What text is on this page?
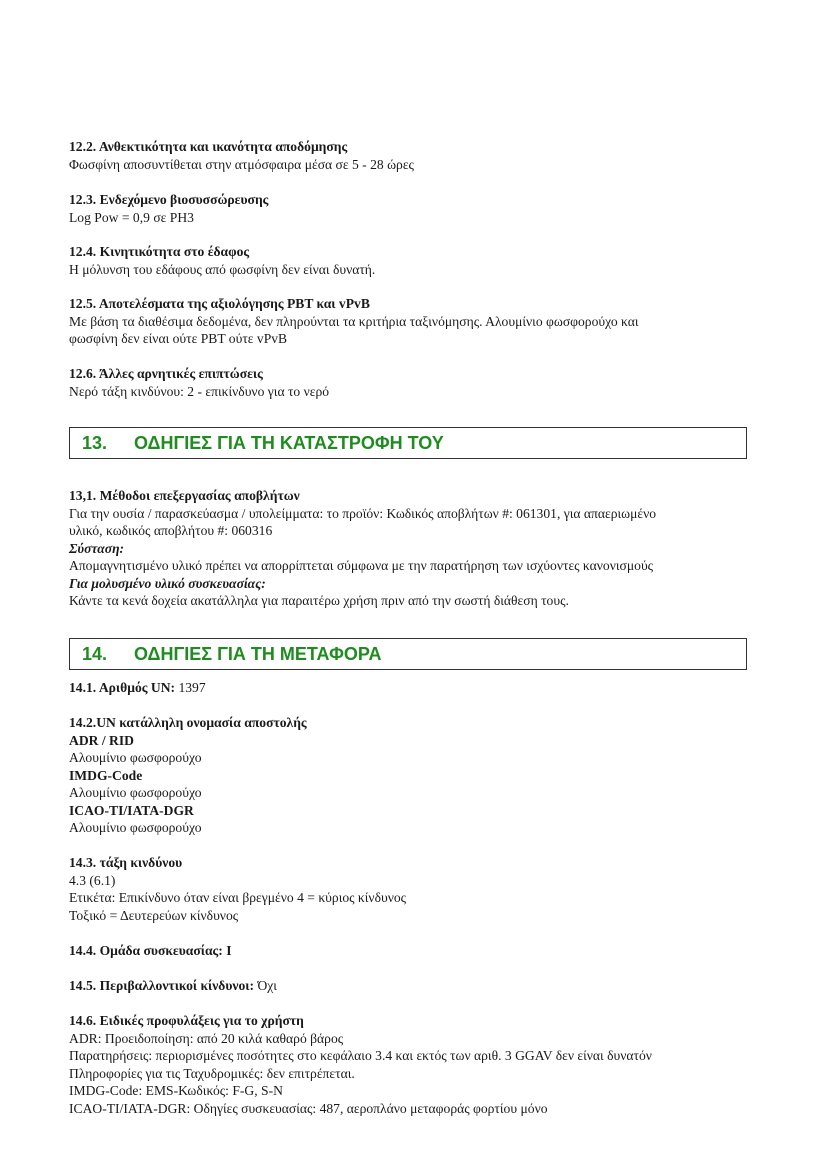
12.2. Ανθεκτικότητα και ικανότητα αποδόμησης
Φωσφίνη αποσυντίθεται στην ατμόσφαιρα μέσα σε 5 - 28 ώρες
12.3. Ενδεχόμενο βιοσυσσώρευσης
Log Pow = 0,9 σε PH3
12.4. Κινητικότητα στο έδαφος
Η μόλυνση του εδάφους από φωσφίνη δεν είναι δυνατή.
12.5. Αποτελέσματα της αξιολόγησης PBT και vPvB
Με βάση τα διαθέσιμα δεδομένα, δεν πληρούνται τα κριτήρια ταξινόμησης. Αλουμίνιο φωσφορούχο και
φωσφίνη δεν είναι ούτε PBT ούτε vPvB
12.6. Άλλες αρνητικές επιπτώσεις
Νερό τάξη κινδύνου: 2 - επικίνδυνο για το νερό
13. ΟΔΗΓΙΕΣ ΓΙΑ ΤΗ ΚΑΤΑΣΤΡΟΦΗ ΤΟΥ
13,1. Μέθοδοι επεξεργασίας αποβλήτων
Για την ουσία / παρασκεύασμα / υπολείμματα: το προϊόν: Κωδικός αποβλήτων #: 061301, για απαεριωμένο
υλικό, κωδικός αποβλήτου #: 060316
Σύσταση:
Απομαγνητισμένο υλικό πρέπει να απορρίπτεται σύμφωνα με την παρατήρηση των ισχύοντες κανονισμούς
Για μολυσμένο υλικό συσκευασίας:
Κάντε τα κενά δοχεία ακατάλληλα για παραιτέρω χρήση πριν από την σωστή διάθεση τους.
14. ΟΔΗΓΙΕΣ ΓΙΑ ΤΗ ΜΕΤΑΦΟΡΑ
14.1. Αριθμός UN: 1397
14.2.UN κατάλληλη ονομασία αποστολής
ADR / RID
Αλουμίνιο φωσφορούχο
IMDG-Code
Αλουμίνιο φωσφορούχο
ICAO-TI/IATA-DGR
Αλουμίνιο φωσφορούχο
14.3. τάξη κινδύνου
4.3 (6.1)
Ετικέτα: Επικίνδυνο όταν είναι βρεγμένο 4 = κύριος κίνδυνος
Τοξικό = Δευτερεύων κίνδυνος
14.4. Ομάδα συσκευασίας: I
14.5. Περιβαλλοντικοί κίνδυνοι: Όχι
14.6. Ειδικές προφυλάξεις για το χρήστη
ADR: Προειδοποίηση: από 20 κιλά καθαρό βάρος
Παρατηρήσεις: περιορισμένες ποσότητες στο κεφάλαιο 3.4 και εκτός των αριθ. 3 GGAV δεν είναι δυνατόν
Πληροφορίες για τις Ταχυδρομικές: δεν επιτρέπεται.
IMDG-Code: EMS-Κωδικός: F-G, S-N
ICAO-TI/IATA-DGR: Οδηγίες συσκευασίας: 487, αεροπλάνο μεταφοράς φορτίου μόνο
